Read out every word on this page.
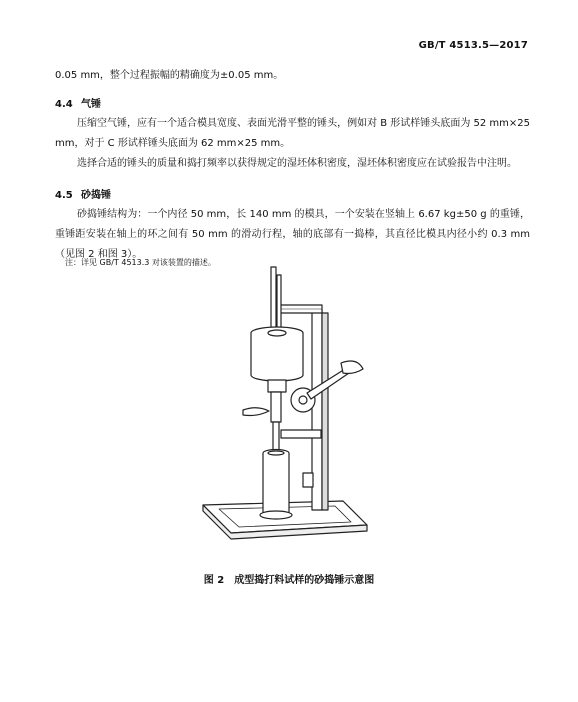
GB/T 4513.5—2017

0.05 mm，整个过程振幅的精确度为±0.05 mm。

4.4 气锤

压缩空气锤，应有一个适合模具宽度、表面光滑平整的锤头，例如对 B 形试样锤头底面为 52 mm×25 mm，对于 C 形试样锤头底面为 62 mm×25 mm。

选择合适的锤头的质量和捣打频率以获得规定的湿坯体积密度，湿坯体积密度应在试验报告中注明。

4.5 砂捣锤

砂捣锤结构为：一个内径 50 mm，长 140 mm 的模具，一个安装在竖轴上 6.67 kg±50 g 的重锤，重锤距安装在轴上的环之间有 50 mm 的滑动行程，轴的底部有一捣棒，其直径比模具内径小约 0.3 mm（见图 2 和图 3）。

注：详见 GB/T 4513.3 对该装置的描述。
图 2　成型捣打料试样的砂捣锤示意图
